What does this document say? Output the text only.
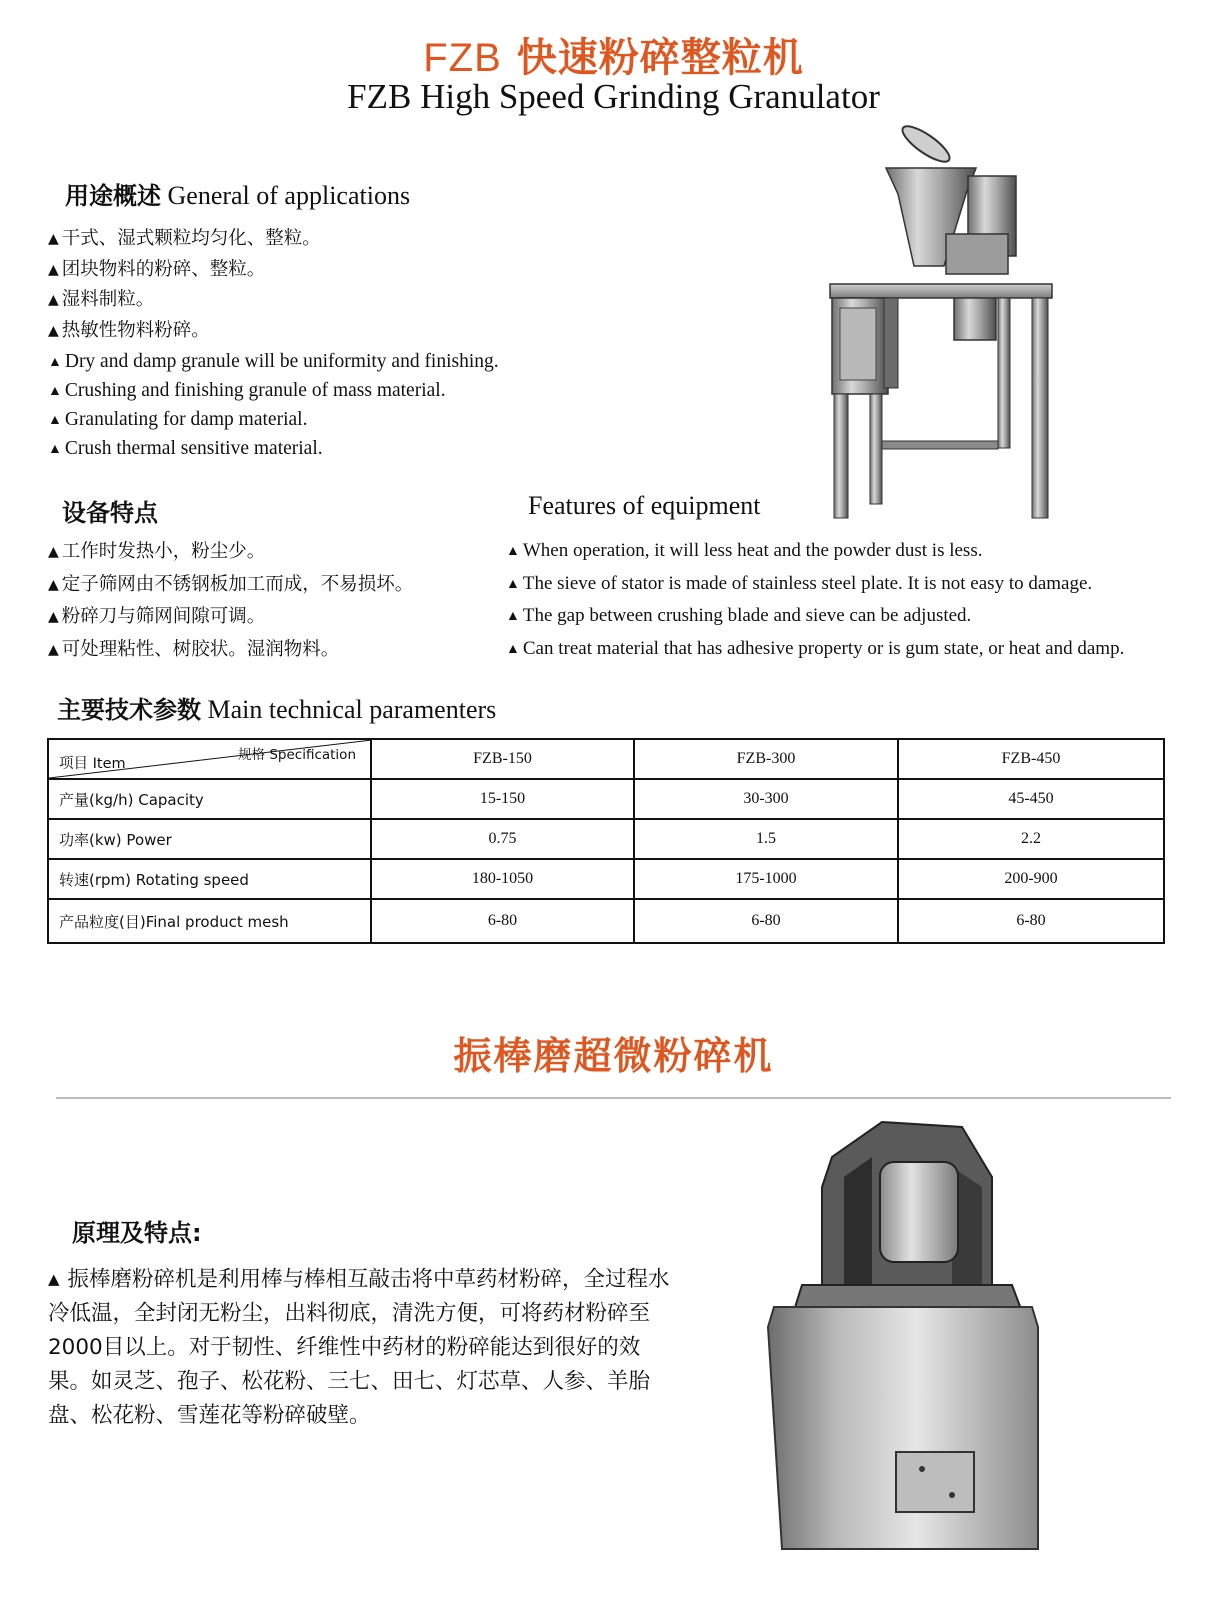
FZB 快速粉碎整粒机
FZB High Speed Grinding Granulator
用途概述 General of applications
▲ 干式、湿式颗粒均匀化、整粒。
▲ 团块物料的粉碎、整粒。
▲ 湿料制粒。
▲ 热敏性物料粉碎。
▲ Dry and damp granule will be uniformity and finishing.
▲ Crushing and finishing granule of mass material.
▲ Granulating for damp material.
▲ Crush thermal sensitive material.
设备特点	Features of equipment
▲ 工作时发热小，粉尘少。
▲ 定子筛网由不锈钢板加工而成，不易损坏。
▲ 粉碎刀与筛网间隙可调。
▲ 可处理粘性、树胶状。湿润物料。
▲ When operation, it will less heat and the powder dust is less.
▲ The sieve of stator is made of stainless steel plate. It is not easy to damage.
▲ The gap between crushing blade and sieve can be adjusted.
▲ Can treat material that has adhesive property or is gum state, or heat and damp.
主要技术参数 Main technical paramenters
规格 Specification
项目 Item	FZB-150	FZB-300	FZB-450
产量(kg/h) Capacity	15-150	30-300	45-450
功率(kw) Power	0.75	1.5	2.2
转速(rpm) Rotating speed	180-1050	175-1000	200-900
产品粒度(目)Final product mesh	6-80	6-80	6-80
振棒磨超微粉碎机
原理及特点:
▲ 振棒磨粉碎机是利用棒与棒相互敲击将中草药材粉碎，全过程水冷低温，全封闭无粉尘，出料彻底，清洗方便，可将药材粉碎至2000目以上。对于韧性、纤维性中药材的粉碎能达到很好的效果。如灵芝、孢子、松花粉、三七、田七、灯芯草、人参、羊胎盘、松花粉、雪莲花等粉碎破壁。
